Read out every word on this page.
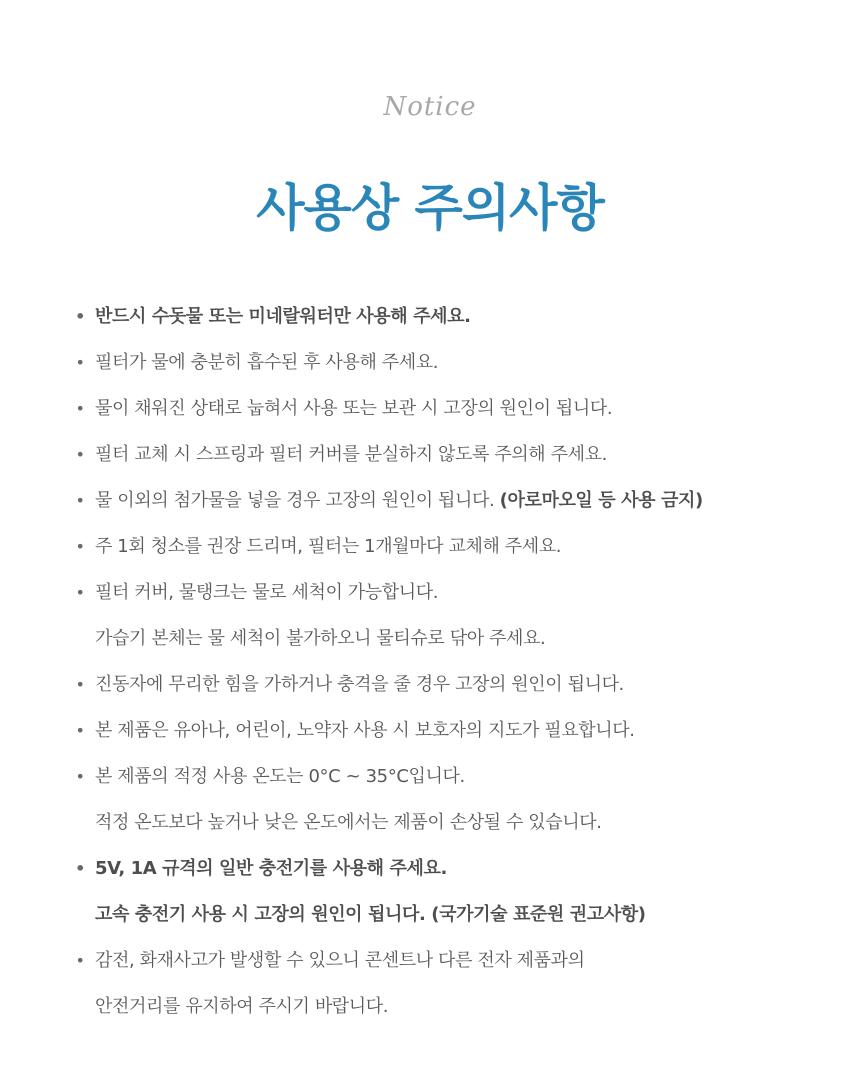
Notice
사용상 주의사항
• 반드시 수돗물 또는 미네랄워터만 사용해 주세요.
• 필터가 물에 충분히 흡수된 후 사용해 주세요.
• 물이 채워진 상태로 눕혀서 사용 또는 보관 시 고장의 원인이 됩니다.
• 필터 교체 시 스프링과 필터 커버를 분실하지 않도록 주의해 주세요.
• 물 이외의 첨가물을 넣을 경우 고장의 원인이 됩니다. (아로마오일 등 사용 금지)
• 주 1회 청소를 권장 드리며, 필터는 1개월마다 교체해 주세요.
• 필터 커버, 물탱크는 물로 세척이 가능합니다.
가습기 본체는 물 세척이 불가하오니 물티슈로 닦아 주세요.
• 진동자에 무리한 힘을 가하거나 충격을 줄 경우 고장의 원인이 됩니다.
• 본 제품은 유아나, 어린이, 노약자 사용 시 보호자의 지도가 필요합니다.
• 본 제품의 적정 사용 온도는 0°C ~ 35°C입니다.
적정 온도보다 높거나 낮은 온도에서는 제품이 손상될 수 있습니다.
• 5V, 1A 규격의 일반 충전기를 사용해 주세요.
고속 충전기 사용 시 고장의 원인이 됩니다. (국가기술 표준원 권고사항)
• 감전, 화재사고가 발생할 수 있으니 콘센트나 다른 전자 제품과의
안전거리를 유지하여 주시기 바랍니다.
